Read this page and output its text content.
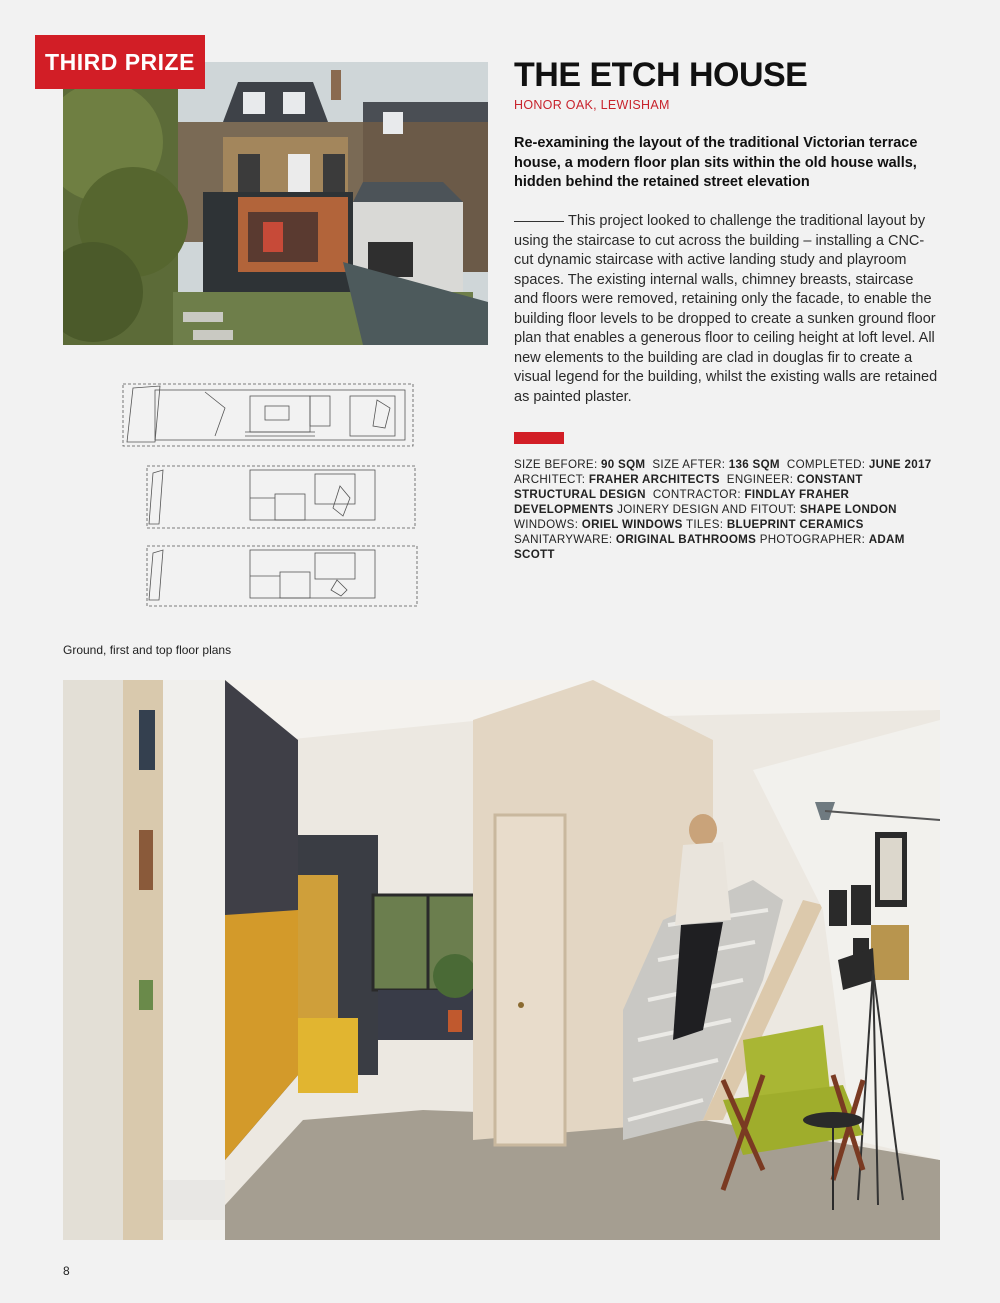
THIRD PRIZE	THE ETCH HOUSE
HONOR OAK, LEWISHAM
Re-examining the layout of the traditional Victorian terrace house, a modern floor plan sits within the old house walls, hidden behind the retained street elevation
This project looked to challenge the traditional layout by using the staircase to cut across the building – installing a CNC-cut dynamic staircase with active landing study and playroom spaces. The existing internal walls, chimney breasts, staircase and floors were removed, retaining only the facade, to enable the building floor levels to be dropped to create a sunken ground floor plan that enables a generous floor to ceiling height at loft level. All new elements to the building are clad in douglas fir to create a visual legend for the building, whilst the existing walls are retained as painted plaster.
SIZE BEFORE: 90 SQM SIZE AFTER: 136 SQM COMPLETED: JUNE 2017 ARCHITECT: FRAHER ARCHITECTS ENGINEER: CONSTANT STRUCTURAL DESIGN CONTRACTOR: FINDLAY FRAHER DEVELOPMENTS JOINERY DESIGN AND FITOUT: SHAPE LONDON  WINDOWS: ORIEL WINDOWS TILES: BLUEPRINT CERAMICS  SANITARYWARE: ORIGINAL BATHROOMS PHOTOGRAPHER: ADAM SCOTT
Ground, first and top floor plans
8
